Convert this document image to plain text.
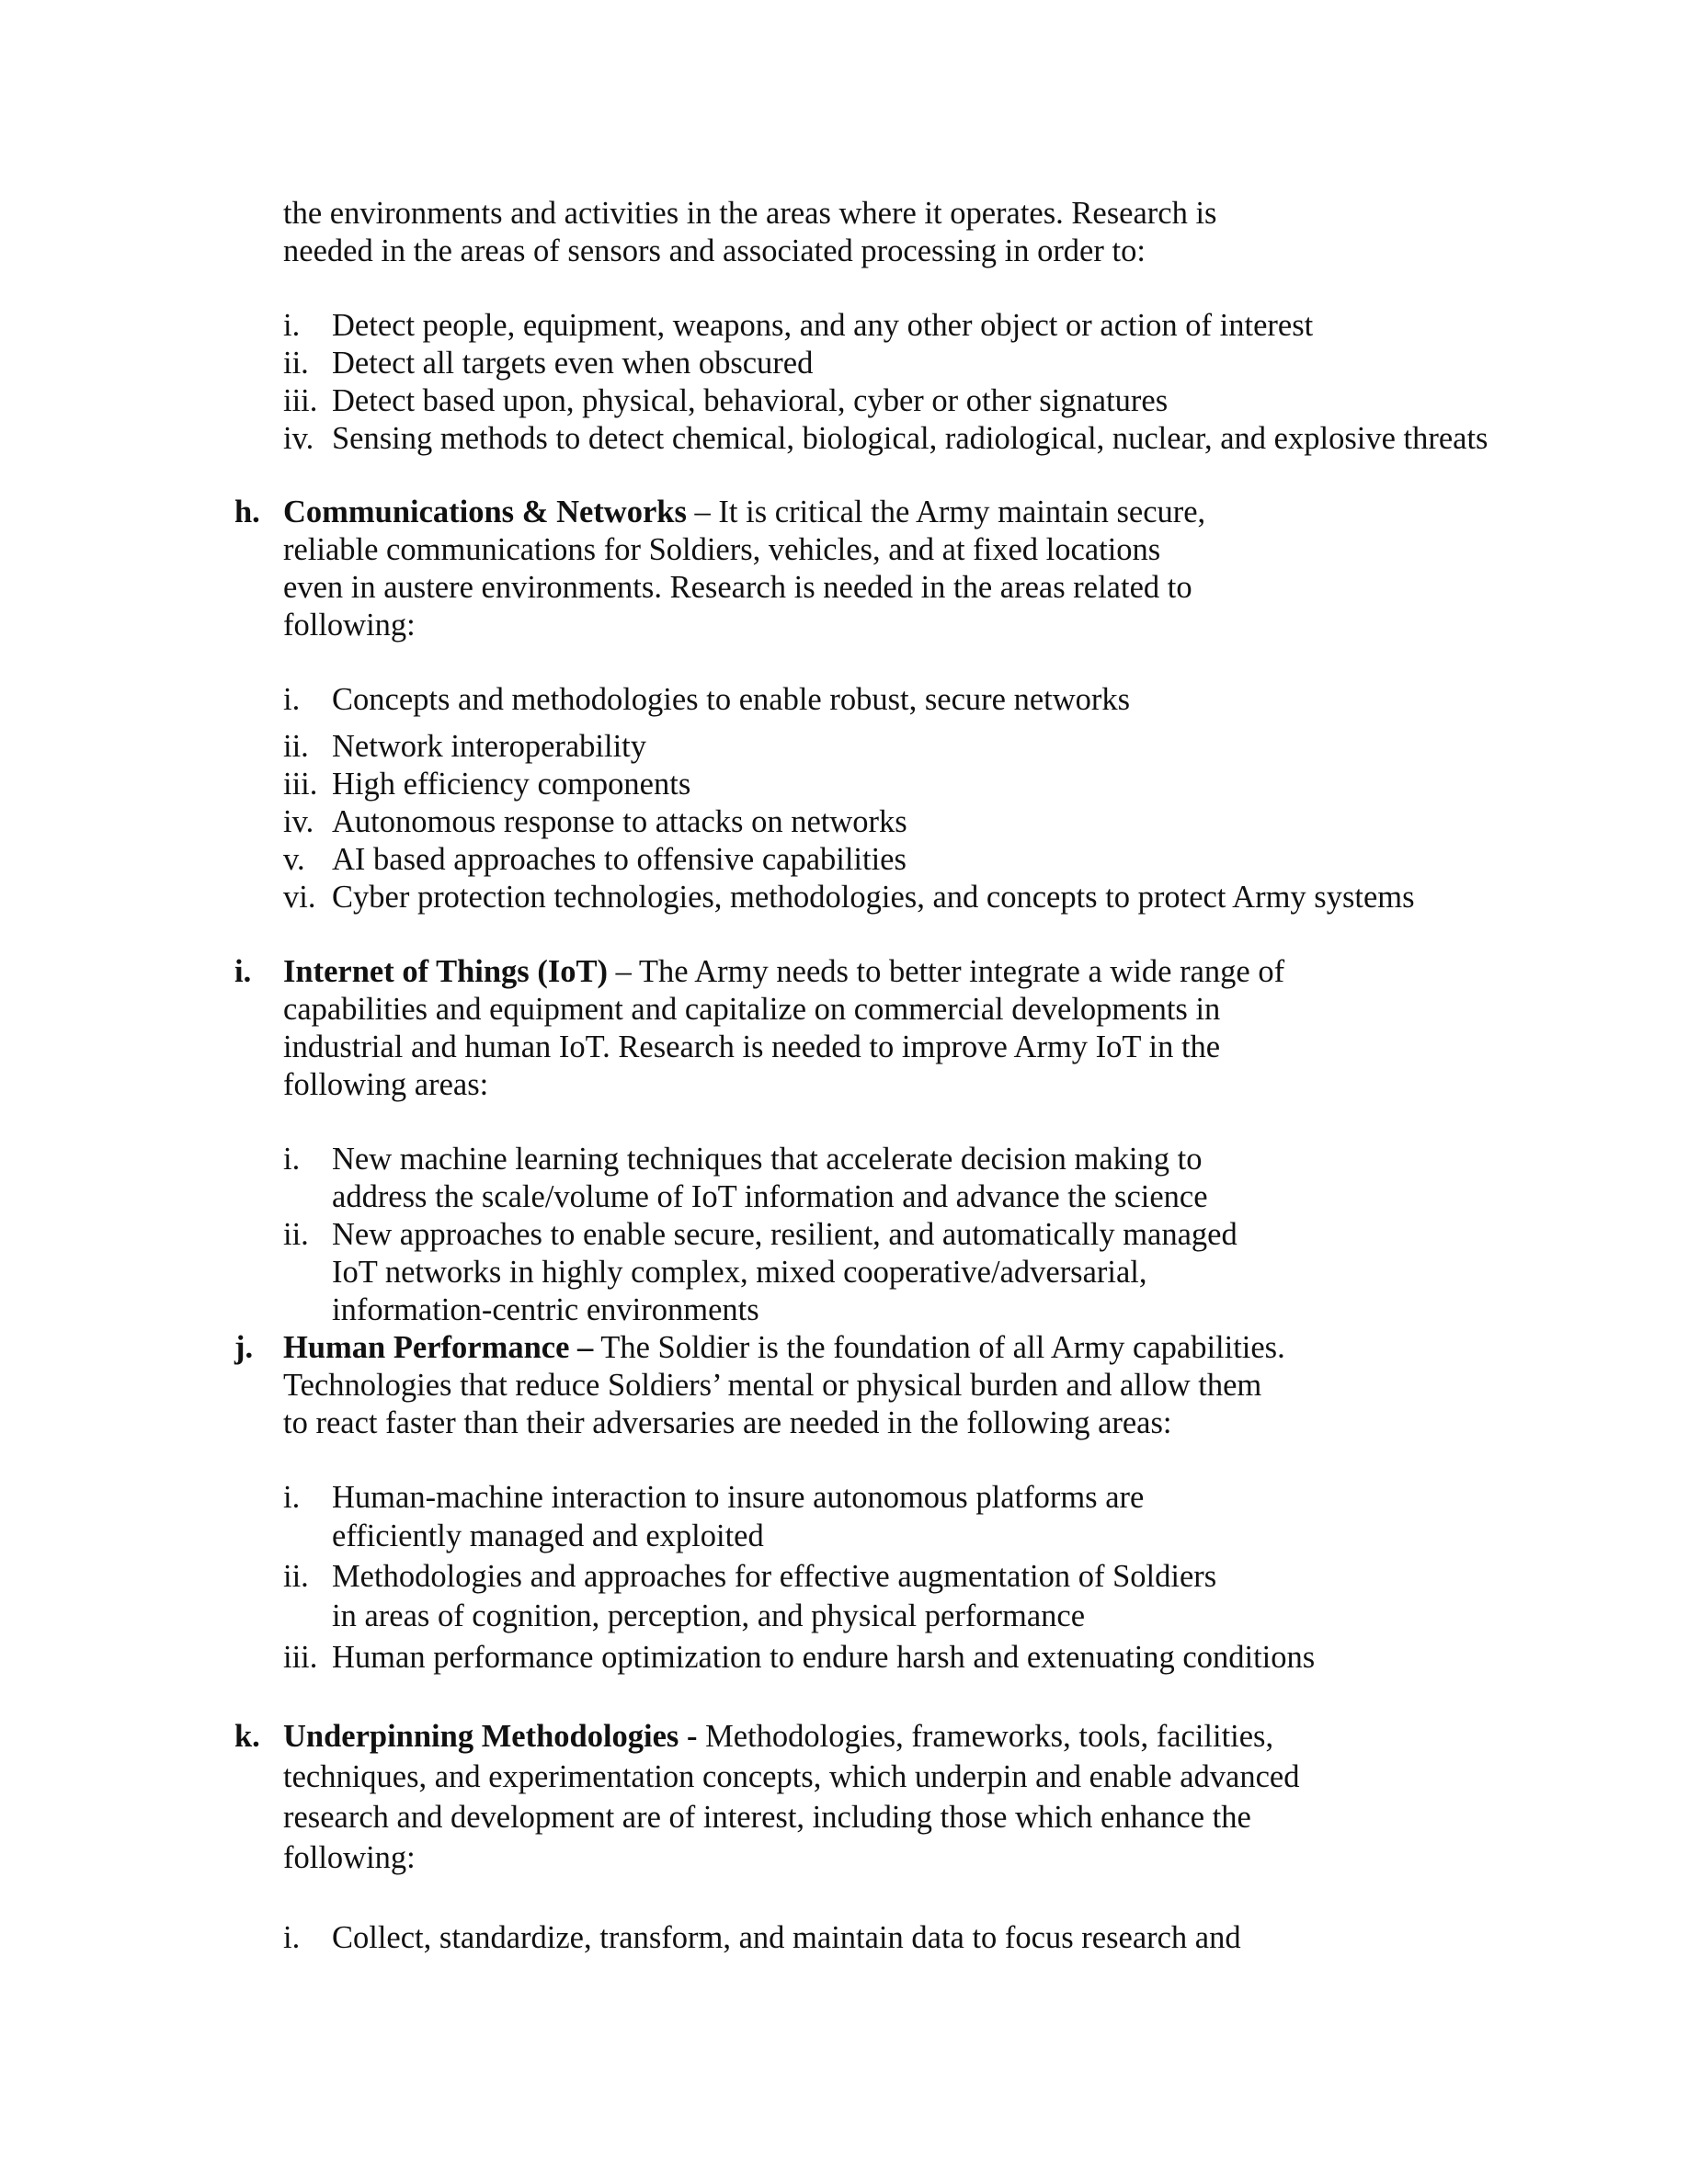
the environments and activities in the areas where it operates. Research is
needed in the areas of sensors and associated processing in order to:
i. Detect people, equipment, weapons, and any other object or action of interest
ii. Detect all targets even when obscured
iii. Detect based upon, physical, behavioral, cyber or other signatures
iv. Sensing methods to detect chemical, biological, radiological, nuclear, and explosive threats
h. Communications & Networks – It is critical the Army maintain secure,
reliable communications for Soldiers, vehicles, and at fixed locations
even in austere environments. Research is needed in the areas related to
following:
i. Concepts and methodologies to enable robust, secure networks
ii. Network interoperability
iii. High efficiency components
iv. Autonomous response to attacks on networks
v. AI based approaches to offensive capabilities
vi. Cyber protection technologies, methodologies, and concepts to protect Army systems
i. Internet of Things (IoT) – The Army needs to better integrate a wide range of
capabilities and equipment and capitalize on commercial developments in
industrial and human IoT. Research is needed to improve Army IoT in the
following areas:
i. New machine learning techniques that accelerate decision making to
address the scale/volume of IoT information and advance the science
ii. New approaches to enable secure, resilient, and automatically managed
IoT networks in highly complex, mixed cooperative/adversarial,
information-centric environments
j. Human Performance – The Soldier is the foundation of all Army capabilities.
Technologies that reduce Soldiers’ mental or physical burden and allow them
to react faster than their adversaries are needed in the following areas:
i. Human-machine interaction to insure autonomous platforms are
efficiently managed and exploited
ii. Methodologies and approaches for effective augmentation of Soldiers
in areas of cognition, perception, and physical performance
iii. Human performance optimization to endure harsh and extenuating conditions
k. Underpinning Methodologies - Methodologies, frameworks, tools, facilities,
techniques, and experimentation concepts, which underpin and enable advanced
research and development are of interest, including those which enhance the
following:
i. Collect, standardize, transform, and maintain data to focus research and
